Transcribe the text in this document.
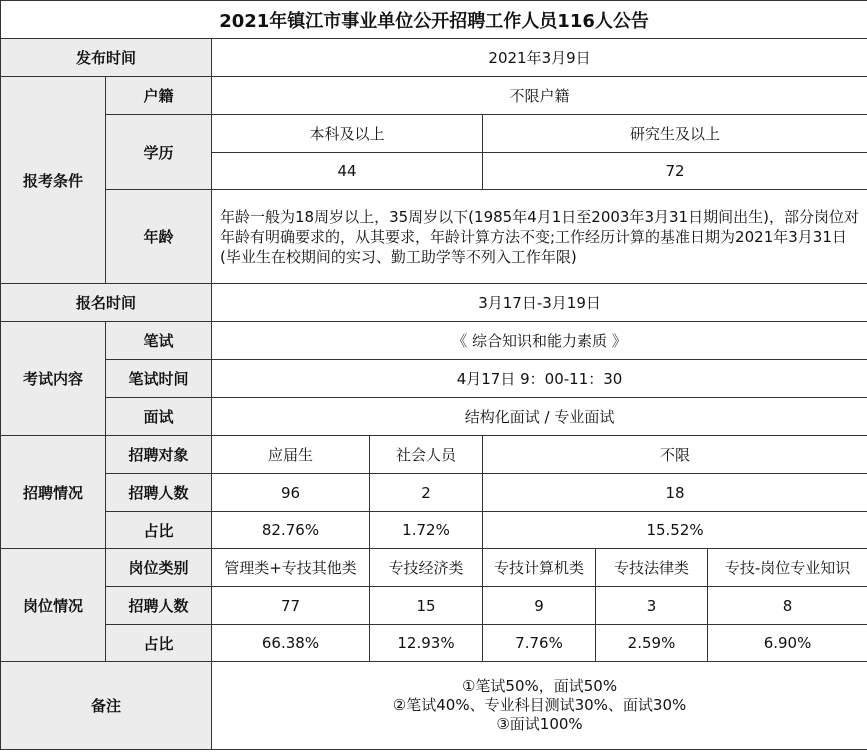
2021年镇江市事业单位公开招聘工作人员116人公告						
发布时间		2021年3月9日				
报考条件	户籍	不限户籍				
	学历	本科及以上		研究生及以上		
		44		72		
	年龄	年龄一般为18周岁以上，35周岁以下(1985年4月1日至2003年3月31日期间出生)，部分岗位对年龄有明确要求的，从其要求，年龄计算方法不变;工作经历计算的基准日期为2021年3月31日(毕业生在校期间的实习、勤工助学等不列入工作年限)				
报名时间		3月17日-3月19日				
考试内容	笔试	《 综合知识和能力素质 》				
	笔试时间	4月17日 9：00-11：30				
	面试	结构化面试 / 专业面试				
招聘情况	招聘对象	应届生	社会人员	不限		
	招聘人数	96	2	18		
	占比	82.76%	1.72%	15.52%		
岗位情况	岗位类别	管理类+专技其他类	专技经济类	专技计算机类	专技法律类	专技-岗位专业知识
	招聘人数	77	15	9	3	8
	占比	66.38%	12.93%	7.76%	2.59%	6.90%
备注		①笔试50%，面试50%
②笔试40%、专业科目测试30%、面试30%
③面试100%				
